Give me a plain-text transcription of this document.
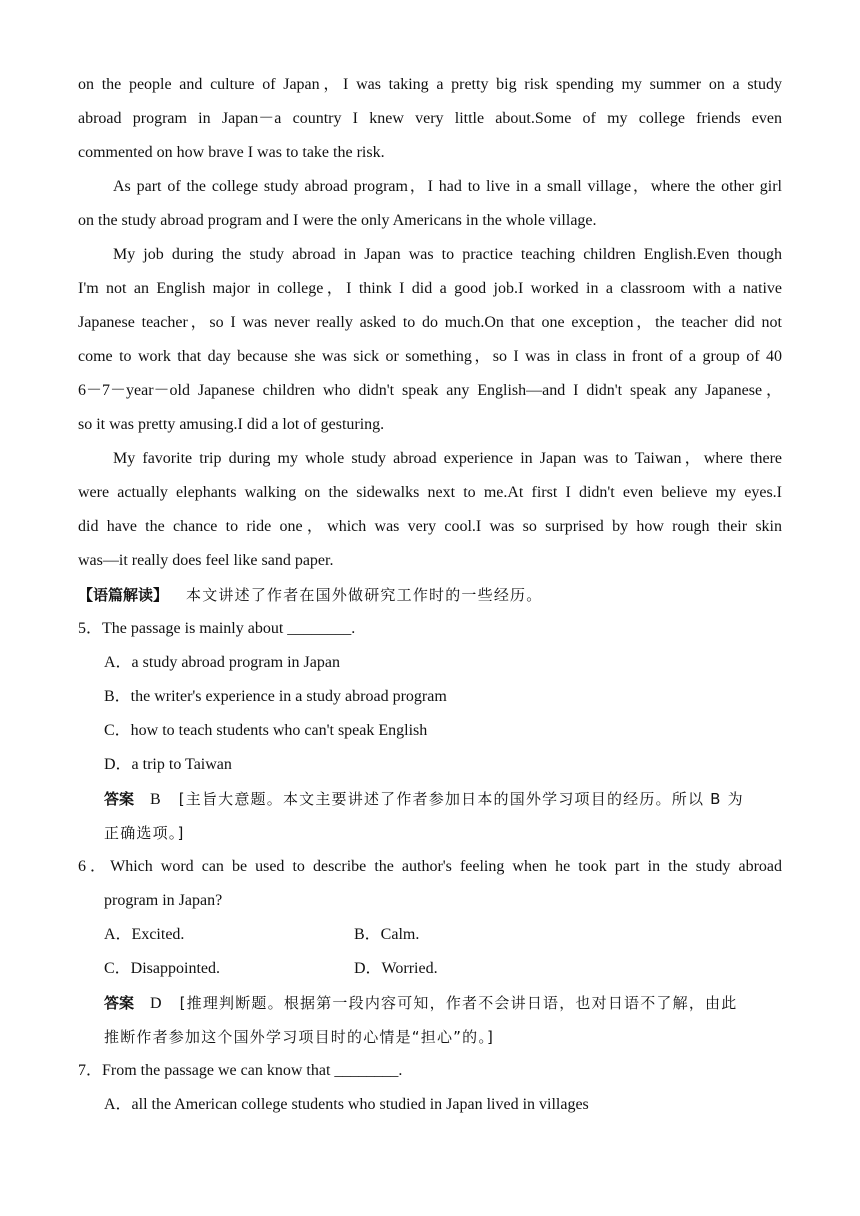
on the people and culture of Japan，I was taking a pretty big risk spending my summer on a study
abroad program in Japan－a country I knew very little about.Some of my college friends even
commented on how brave I was to take the risk.
As part of the college study abroad program，I had to live in a small village，where the other girl
on the study abroad program and I were the only Americans in the whole village.
My job during the study abroad in Japan was to practice teaching children English.Even though
I'm not an English major in college，I think I did a good job.I worked in a classroom with a native
Japanese teacher，so I was never really asked to do much.On that one exception，the teacher did not
come to work that day because she was sick or something，so I was in class in front of a group of 40
6－7－year－old Japanese children who didn't speak any English—and I didn't speak any Japanese，
so it was pretty amusing.I did a lot of gesturing.
My favorite trip during my whole study abroad experience in Japan was to Taiwan，where there
were actually elephants walking on the sidewalks next to me.At first I didn't even believe my eyes.I
did have the chance to ride one，which was very cool.I was so surprised by how rough their skin
was—it really does feel like sand paper.
【语篇解读】 本文讲述了作者在国外做研究工作时的一些经历。
5．The passage is mainly about ________.
A．a study abroad program in Japan
B．the writer's experience in a study abroad program
C．how to teach students who can't speak English
D．a trip to Taiwan
答案 B [主旨大意题。本文主要讲述了作者参加日本的国外学习项目的经历。所以 B 为
正确选项。]
6．Which word can be used to describe the author's feeling when he took part in the study abroad
program in Japan?
A．Excited.	B．Calm.
C．Disappointed.	D．Worried.
答案 D [推理判断题。根据第一段内容可知，作者不会讲日语，也对日语不了解，由此
推断作者参加这个国外学习项目时的心情是“担心”的。]
7．From the passage we can know that ________.
A．all the American college students who studied in Japan lived in villages
